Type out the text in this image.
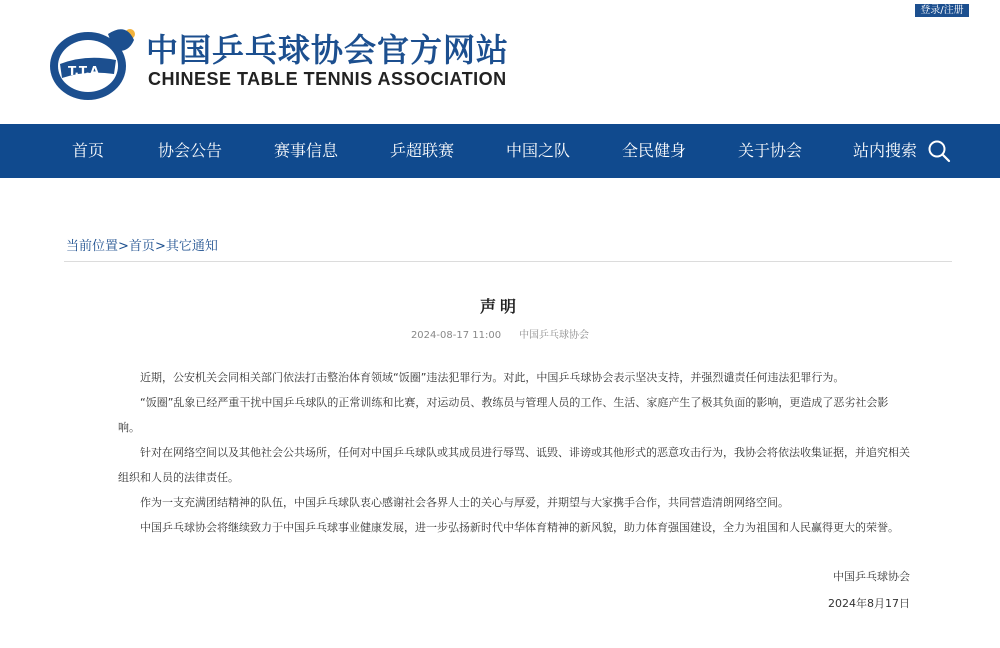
登录/注册
T.T.A
中国乒乓球协会官方网站
CHINESE TABLE TENNIS ASSOCIATION
首页	协会公告	赛事信息	乒超联赛	中国之队	全民健身	关于协会	站内搜索
当前位置>首页>其它通知
声明
2024-08-17 11:00 中国乒乓球协会

近期，公安机关会同相关部门依法打击整治体育领域“饭圈”违法犯罪行为。对此，中国乒乓球协会表示坚决支持，并强烈谴责任何违法犯罪行为。

“饭圈”乱象已经严重干扰中国乒乓球队的正常训练和比赛，对运动员、教练员与管理人员的工作、生活、家庭产生了极其负面的影响，更造成了恶劣社会影响。

针对在网络空间以及其他社会公共场所，任何对中国乒乓球队或其成员进行辱骂、诋毁、诽谤或其他形式的恶意攻击行为，我协会将依法收集证据，并追究相关组织和人员的法律责任。

作为一支充满团结精神的队伍，中国乒乓球队衷心感谢社会各界人士的关心与厚爱，并期望与大家携手合作，共同营造清朗网络空间。

中国乒乓球协会将继续致力于中国乒乓球事业健康发展，进一步弘扬新时代中华体育精神的新风貌，助力体育强国建设，全力为祖国和人民赢得更大的荣誉。

中国乒乓球协会
2024年8月17日
